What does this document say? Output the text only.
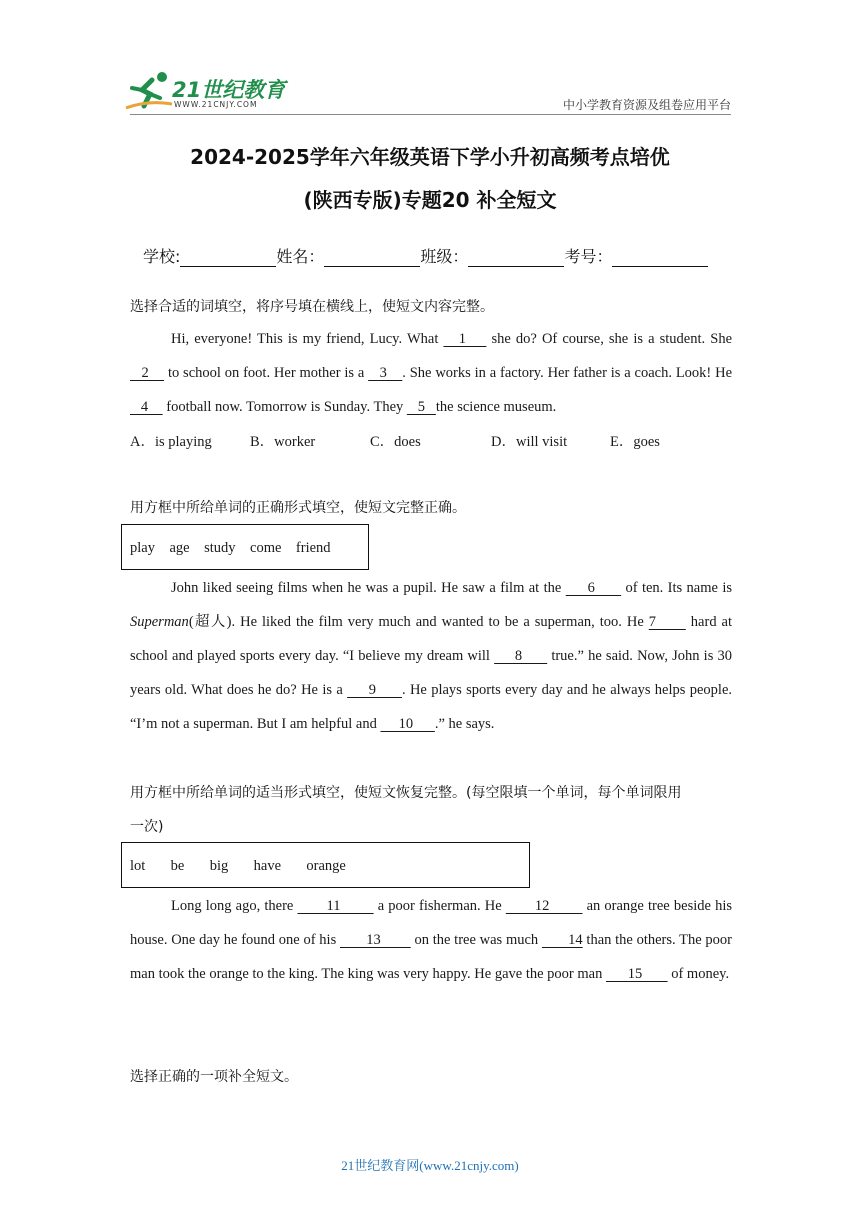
21世纪教育
WWW.21CNJY.COM	中小学教育资源及组卷应用平台
2024-2025学年六年级英语下学小升初高频考点培优
(陕西专版)专题20 补全短文
学校:	姓名：	班级：	考号：
选择合适的词填空，将序号填在横线上，使短文内容完整。

Hi, everyone! This is my friend, Lucy. What    1     she do? Of course, she is a student. She    2     to school on foot. Her mother is a    3    . She works in a factory. Her father is a coach. Look! He    4     football now. Tomorrow is Sunday. They    5   the science museum.

A．is playing	B．worker	C．does	D．will visit	E．goes
用方框中所给单词的正确形式填空，使短文完整正确。
play    age    study    come    friend

John liked seeing films when he was a pupil. He saw a film at the      6       of ten. Its name is Superman(超人). He liked the film very much and wanted to be a superman, too. He 7       hard at school and played sports every day. “I believe my dream will      8       true.” he said. Now, John is 30 years old. What does he do? He is a      9      . He plays sports every day and he always helps people. “I’m not a superman. But I am helpful and      10      .” he says.

用方框中所给单词的适当形式填空，使短文恢复完整。(每空限填一个单词，每个单词限用
一次)
lot       be       big       have       orange

Long long ago, there        11         a poor fisherman. He        12         an orange tree beside his house. One day he found one of his        13         on the tree was much        14 than the others. The poor man took the orange to the king. The king was very happy. He gave the poor man       15        of money.

选择正确的一项补全短文。
21世纪教育网(www.21cnjy.com)
